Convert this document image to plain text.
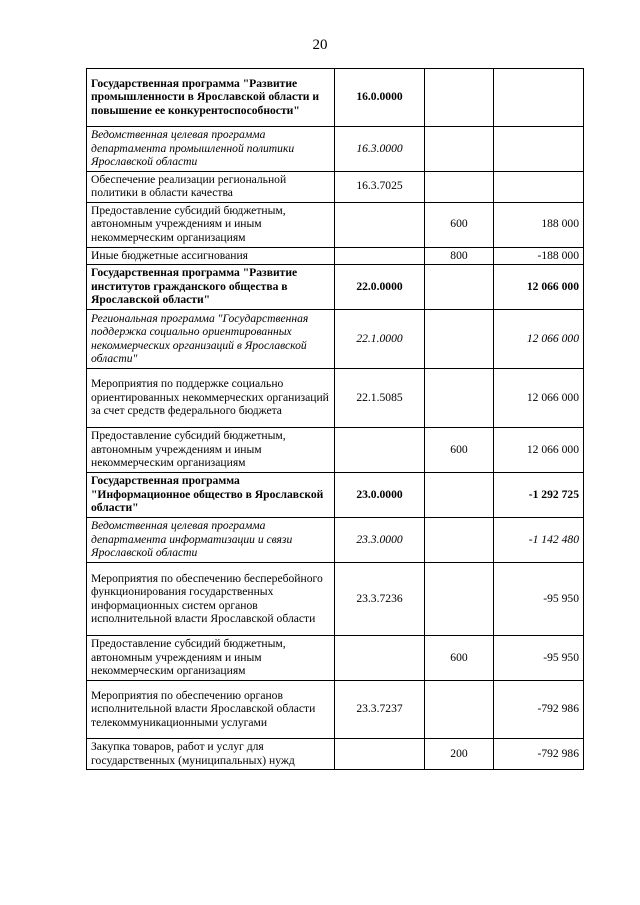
20
Государственная программа "Развитие промышленности в Ярославской области и повышение ее конкурентоспособности"	16.0.0000		
Ведомственная целевая программа департамента промышленной политики Ярославской области	16.3.0000		
Обеспечение реализации региональной политики в области качества	16.3.7025		
Предоставление субсидий бюджетным, автономным учреждениям и иным некоммерческим организациям		600	188 000
Иные бюджетные ассигнования		800	-188 000
Государственная программа "Развитие институтов гражданского общества в Ярославской области"	22.0.0000		12 066 000
Региональная программа "Государственная поддержка социально ориентированных некоммерческих организаций в Ярославской области"	22.1.0000		12 066 000
Мероприятия по поддержке социально ориентированных некоммерческих организаций за счет средств федерального бюджета	22.1.5085		12 066 000
Предоставление субсидий бюджетным, автономным учреждениям и иным некоммерческим организациям		600	12 066 000
Государственная программа "Информационное общество в Ярославской области"	23.0.0000		-1 292 725
Ведомственная целевая программа департамента информатизации и связи Ярославской области	23.3.0000		-1 142 480
Мероприятия по обеспечению бесперебойного функционирования государственных информационных систем органов исполнительной власти Ярославской области	23.3.7236		-95 950
Предоставление субсидий бюджетным, автономным учреждениям и иным некоммерческим организациям		600	-95 950
Мероприятия по обеспечению органов исполнительной власти Ярославской области телекоммуникационными услугами	23.3.7237		-792 986
Закупка товаров, работ и услуг для государственных (муниципальных) нужд		200	-792 986
